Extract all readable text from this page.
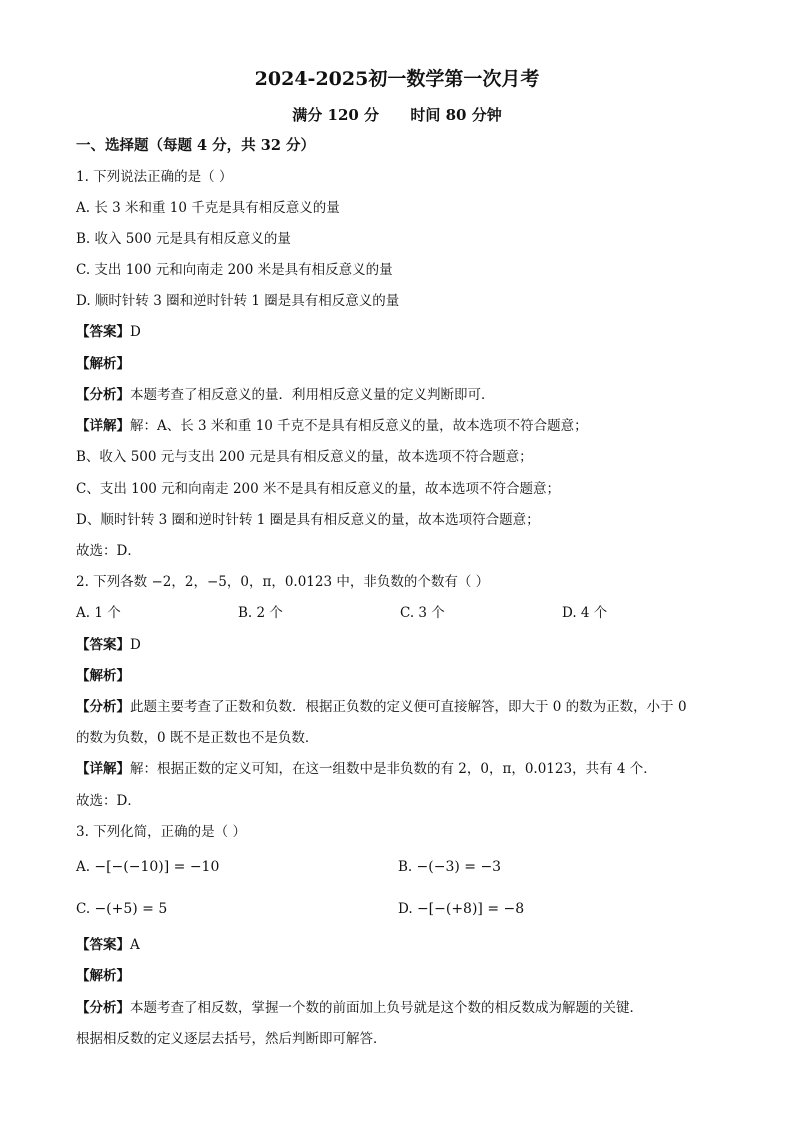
2024-2025初一数学第一次月考
满分 120 分      时间 80 分钟
一、选择题（每题 4 分，共 32 分）
1. 下列说法正确的是（ ）
A. 长 3 米和重 10 千克是具有相反意义的量
B. 收入 500 元是具有相反意义的量
C. 支出 100 元和向南走 200 米是具有相反意义的量
D. 顺时针转 3 圈和逆时针转 1 圈是具有相反意义的量
【答案】D
【解析】
【分析】本题考查了相反意义的量．利用相反意义量的定义判断即可．
【详解】解：A、长 3 米和重 10 千克不是具有相反意义的量，故本选项不符合题意；
B、收入 500 元与支出 200 元是具有相反意义的量，故本选项不符合题意；
C、支出 100 元和向南走 200 米不是具有相反意义的量，故本选项不符合题意；
D、顺时针转 3 圈和逆时针转 1 圈是具有相反意义的量，故本选项符合题意；
故选：D．
2. 下列各数 −2，2，−5，0，π，0.0123 中，非负数的个数有（ ）
A. 1 个	B. 2 个	C. 3 个	D. 4 个
【答案】D
【解析】
【分析】此题主要考查了正数和负数．根据正负数的定义便可直接解答，即大于 0 的数为正数，小于 0
的数为负数，0 既不是正数也不是负数．
【详解】解：根据正数的定义可知，在这一组数中是非负数的有 2，0，π，0.0123，共有 4 个．
故选：D．
3. 下列化简，正确的是（ ）
A. −[−(−10)] = −10	B. −(−3) = −3
C. −(+5) = 5	D. −[−(+8)] = −8
【答案】A
【解析】
【分析】本题考查了相反数，掌握一个数的前面加上负号就是这个数的相反数成为解题的关键．
根据相反数的定义逐层去括号，然后判断即可解答．
